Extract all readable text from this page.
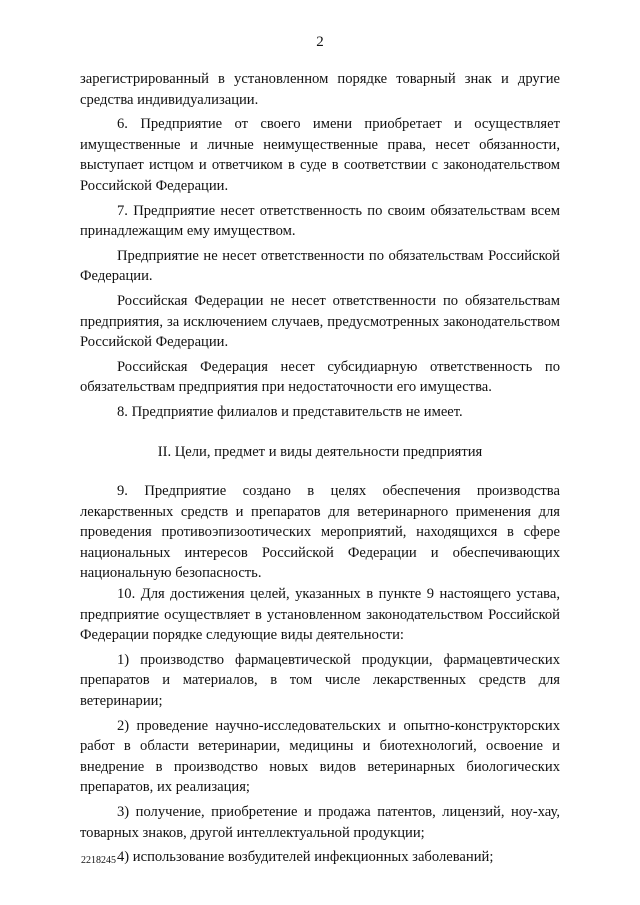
2

зарегистрированный в установленном порядке товарный знак и другие средства индивидуализации.

6. Предприятие от своего имени приобретает и осуществляет имущественные и личные неимущественные права, несет обязанности, выступает истцом и ответчиком в суде в соответствии с законодательством Российской Федерации.

7. Предприятие несет ответственность по своим обязательствам всем принадлежащим ему имуществом.

Предприятие не несет ответственности по обязательствам Российской Федерации.

Российская Федерации не несет ответственности по обязательствам предприятия, за исключением случаев, предусмотренных законодательством Российской Федерации.

Российская Федерация несет субсидиарную ответственность по обязательствам предприятия при недостаточности его имущества.

8. Предприятие филиалов и представительств не имеет.

II. Цели, предмет и виды деятельности предприятия

9. Предприятие создано в целях обеспечения производства лекарственных средств и препаратов для ветеринарного применения для проведения противоэпизоотических мероприятий, находящихся в сфере национальных интересов Российской Федерации и обеспечивающих национальную безопасность.

10. Для достижения целей, указанных в пункте 9 настоящего устава, предприятие осуществляет в установленном законодательством Российской Федерации порядке следующие виды деятельности:

1) производство фармацевтической продукции, фармацевтических препаратов и материалов, в том числе лекарственных средств для ветеринарии;

2) проведение научно-исследовательских и опытно-конструкторских работ в области ветеринарии, медицины и биотехнологий, освоение и внедрение в производство новых видов ветеринарных биологических препаратов, их реализация;

3) получение, приобретение и продажа патентов, лицензий, ноу-хау, товарных знаков, другой интеллектуальной продукции;

4) использование возбудителей инфекционных заболеваний;

2218245
